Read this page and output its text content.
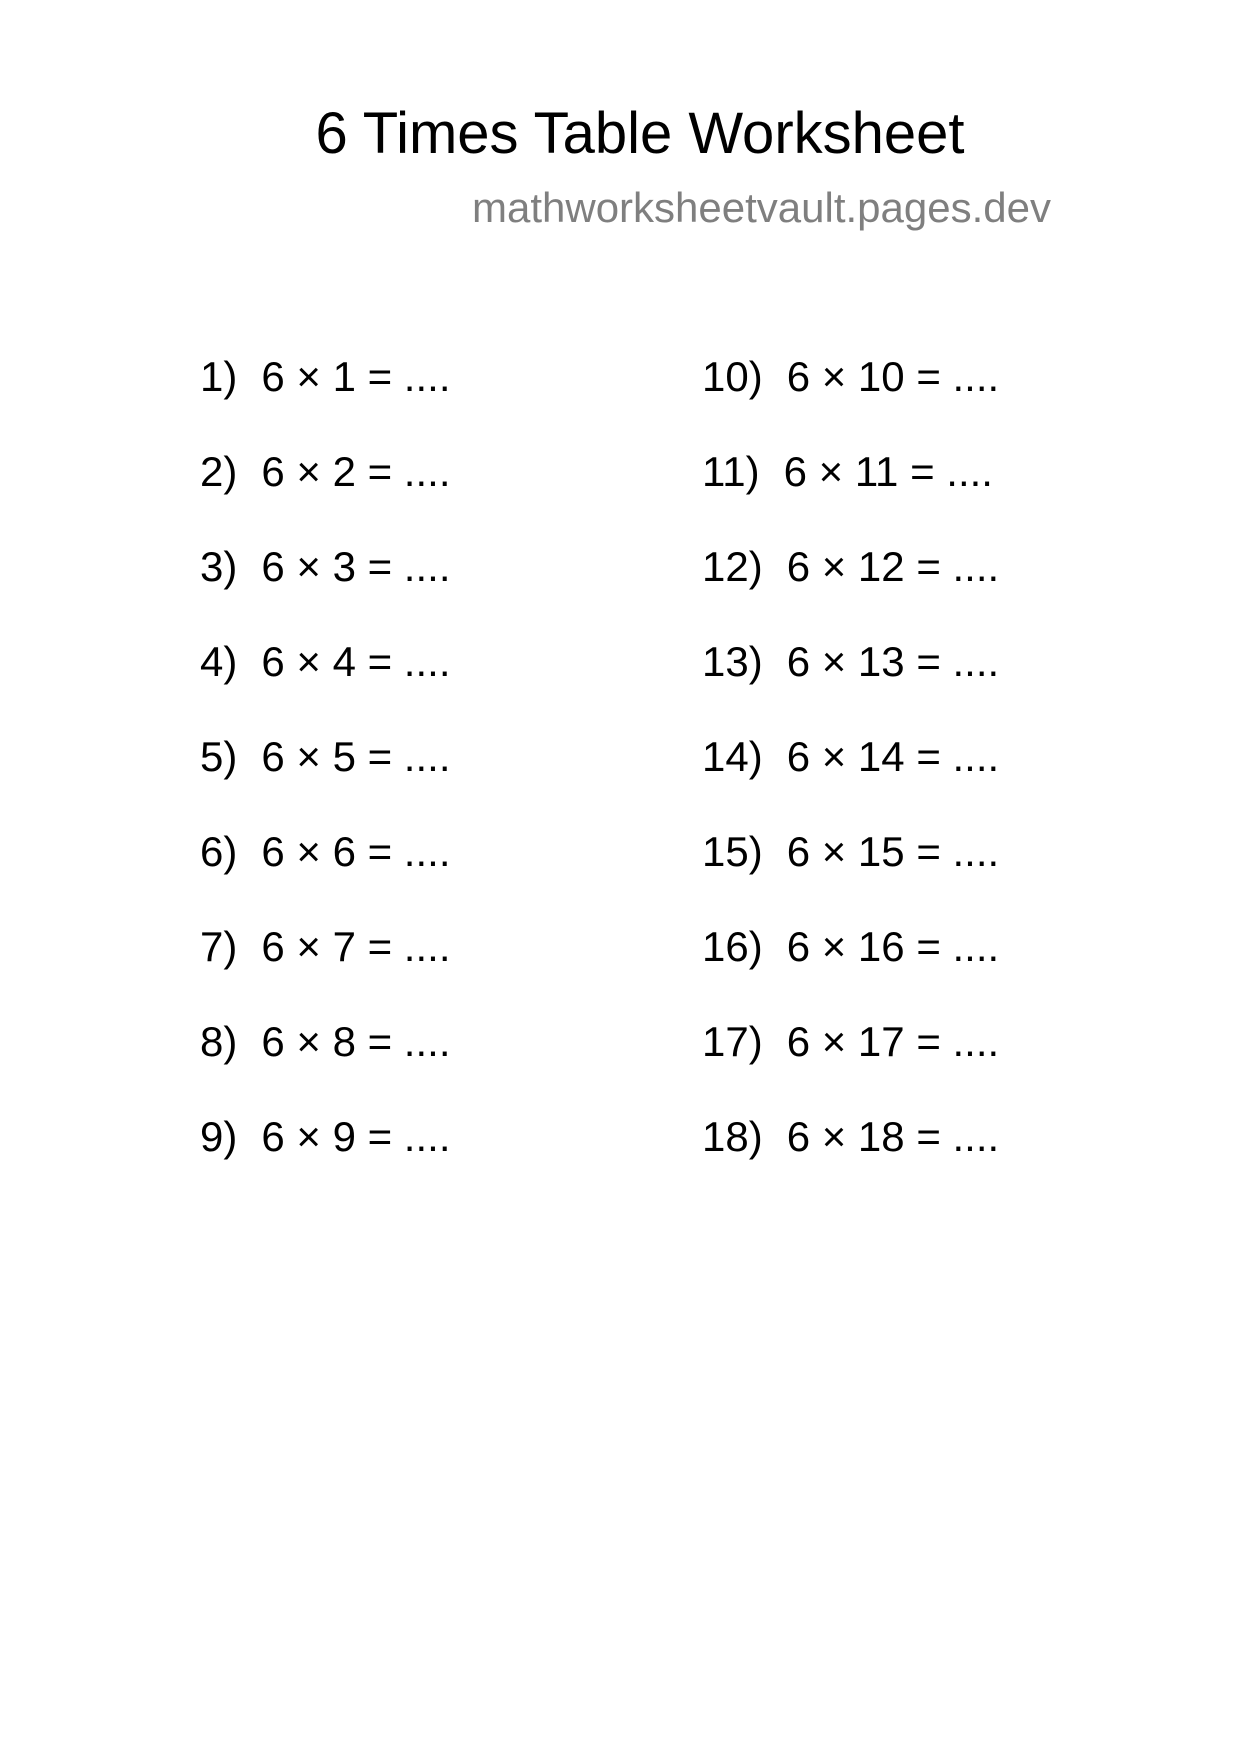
6 Times Table Worksheet
mathworksheetvault.pages.dev
1) 6 × 1 = ....
2) 6 × 2 = ....
3) 6 × 3 = ....
4) 6 × 4 = ....
5) 6 × 5 = ....
6) 6 × 6 = ....
7) 6 × 7 = ....
8) 6 × 8 = ....
9) 6 × 9 = ....
10) 6 × 10 = ....
11) 6 × 11 = ....
12) 6 × 12 = ....
13) 6 × 13 = ....
14) 6 × 14 = ....
15) 6 × 15 = ....
16) 6 × 16 = ....
17) 6 × 17 = ....
18) 6 × 18 = ....
